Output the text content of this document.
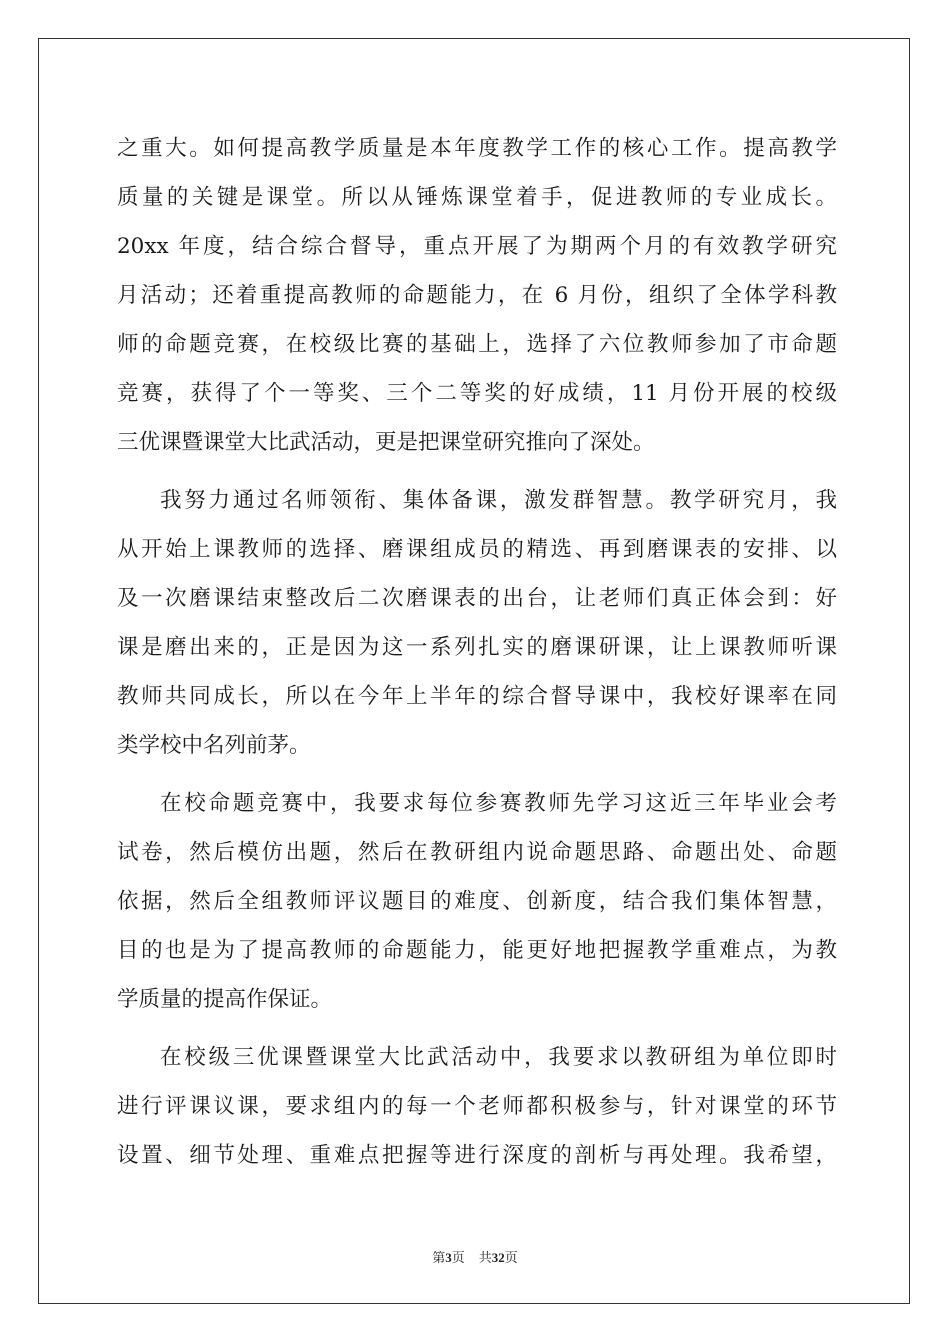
之重大。如何提高教学质量是本年度教学工作的核心工作。提高教学
质量的关键是课堂。所以从锤炼课堂着手，促进教师的专业成长。
20xx 年度，结合综合督导，重点开展了为期两个月的有效教学研究
月活动；还着重提高教师的命题能力，在 6 月份，组织了全体学科教
师的命题竞赛，在校级比赛的基础上，选择了六位教师参加了市命题
竞赛，获得了个一等奖、三个二等奖的好成绩，11 月份开展的校级
三优课暨课堂大比武活动，更是把课堂研究推向了深处。
我努力通过名师领衔、集体备课，激发群智慧。教学研究月，我
从开始上课教师的选择、磨课组成员的精选、再到磨课表的安排、以
及一次磨课结束整改后二次磨课表的出台，让老师们真正体会到：好
课是磨出来的，正是因为这一系列扎实的磨课研课，让上课教师听课
教师共同成长，所以在今年上半年的综合督导课中，我校好课率在同
类学校中名列前茅。
在校命题竞赛中，我要求每位参赛教师先学习这近三年毕业会考
试卷，然后模仿出题，然后在教研组内说命题思路、命题出处、命题
依据，然后全组教师评议题目的难度、创新度，结合我们集体智慧，
目的也是为了提高教师的命题能力，能更好地把握教学重难点，为教
学质量的提高作保证。
在校级三优课暨课堂大比武活动中，我要求以教研组为单位即时
进行评课议课，要求组内的每一个老师都积极参与，针对课堂的环节
设置、细节处理、重难点把握等进行深度的剖析与再处理。我希望，
第3页 共32页
